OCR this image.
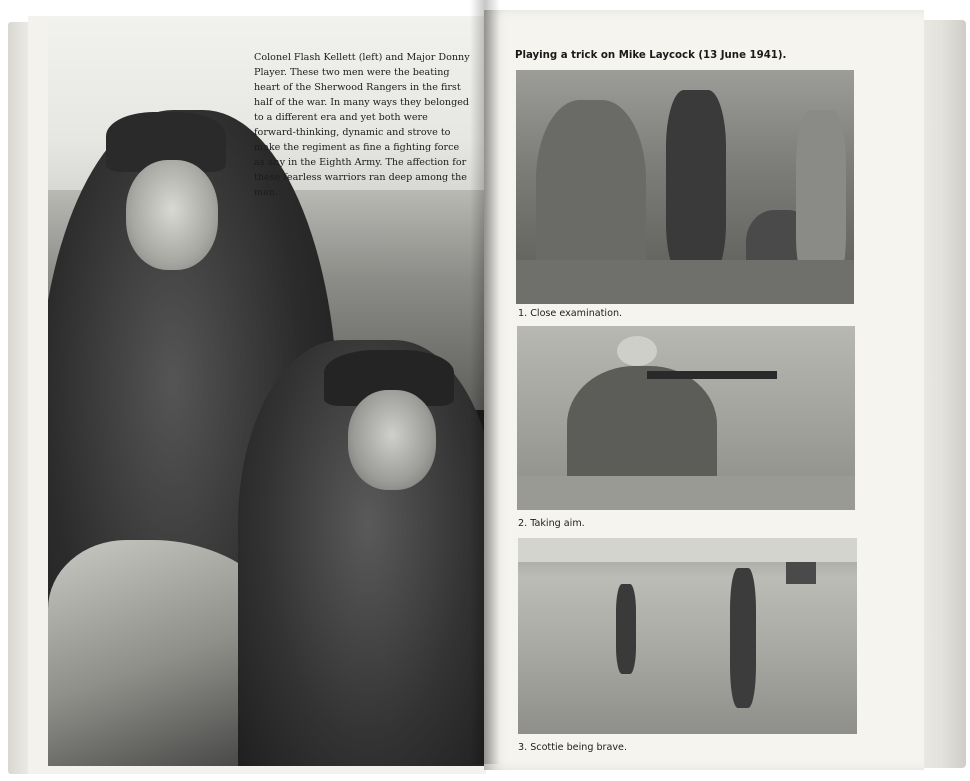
Colonel Flash Kellett (left) and Major Donny Player. These two men were the beating heart of the Sherwood Rangers in the first half of the war. In many ways they belonged to a different era and yet both were forward-thinking, dynamic and strove to make the regiment as fine a fighting force as any in the Eighth Army. The affection for these fearless warriors ran deep among the men.
Playing a trick on Mike Laycock (13 June 1941).
1. Close examination.
2. Taking aim.
3. Scottie being brave.
